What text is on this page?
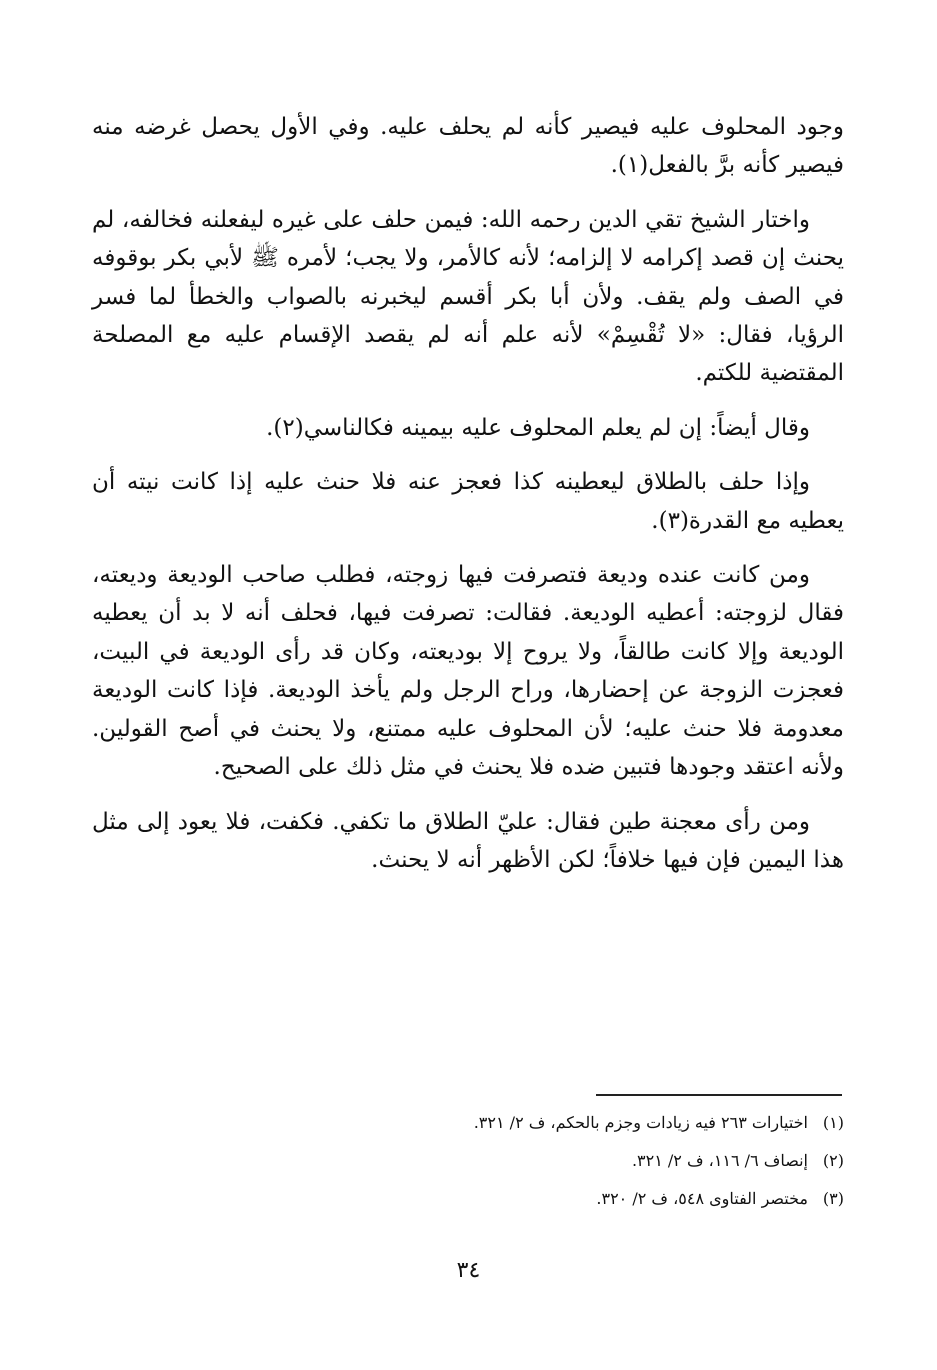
وجود المحلوف عليه فيصير كأنه لم يحلف عليه. وفي الأول يحصل غرضه منه فيصير كأنه برَّ بالفعل(١).

واختار الشيخ تقي الدين رحمه الله: فيمن حلف على غيره ليفعلنه فخالفه، لم يحنث إن قصد إكرامه لا إلزامه؛ لأنه كالأمر، ولا يجب؛ لأمره ﷺ لأبي بكر بوقوفه في الصف ولم يقف. ولأن أبا بكر أقسم ليخبرنه بالصواب والخطأ لما فسر الرؤيا، فقال: «لا تُقْسِمْ» لأنه علم أنه لم يقصد الإقسام عليه مع المصلحة المقتضية للكتم.

وقال أيضاً: إن لم يعلم المحلوف عليه بيمينه فكالناسي(٢).

وإذا حلف بالطلاق ليعطينه كذا فعجز عنه فلا حنث عليه إذا كانت نيته أن يعطيه مع القدرة(٣).

ومن كانت عنده وديعة فتصرفت فيها زوجته، فطلب صاحب الوديعة وديعته، فقال لزوجته: أعطيه الوديعة. فقالت: تصرفت فيها، فحلف أنه لا بد أن يعطيه الوديعة وإلا كانت طالقاً، ولا يروح إلا بوديعته، وكان قد رأى الوديعة في البيت، فعجزت الزوجة عن إحضارها، وراح الرجل ولم يأخذ الوديعة. فإذا كانت الوديعة معدومة فلا حنث عليه؛ لأن المحلوف عليه ممتنع، ولا يحنث في أصح القولين. ولأنه اعتقد وجودها فتبين ضده فلا يحنث في مثل ذلك على الصحيح.

ومن رأى معجنة طين فقال: عليّ الطلاق ما تكفي. فكفت، فلا يعود إلى مثل هذا اليمين فإن فيها خلافاً؛ لكن الأظهر أنه لا يحنث.

(١)
اختيارات ٢٦٣ فيه زيادات وجزم بالحكم، ف ٢/ ٣٢١.
(٢)
إنصاف ٦/ ١١٦، ف ٢/ ٣٢١.
(٣)
مختصر الفتاوى ٥٤٨، ف ٢/ ٣٢٠.
٣٤
